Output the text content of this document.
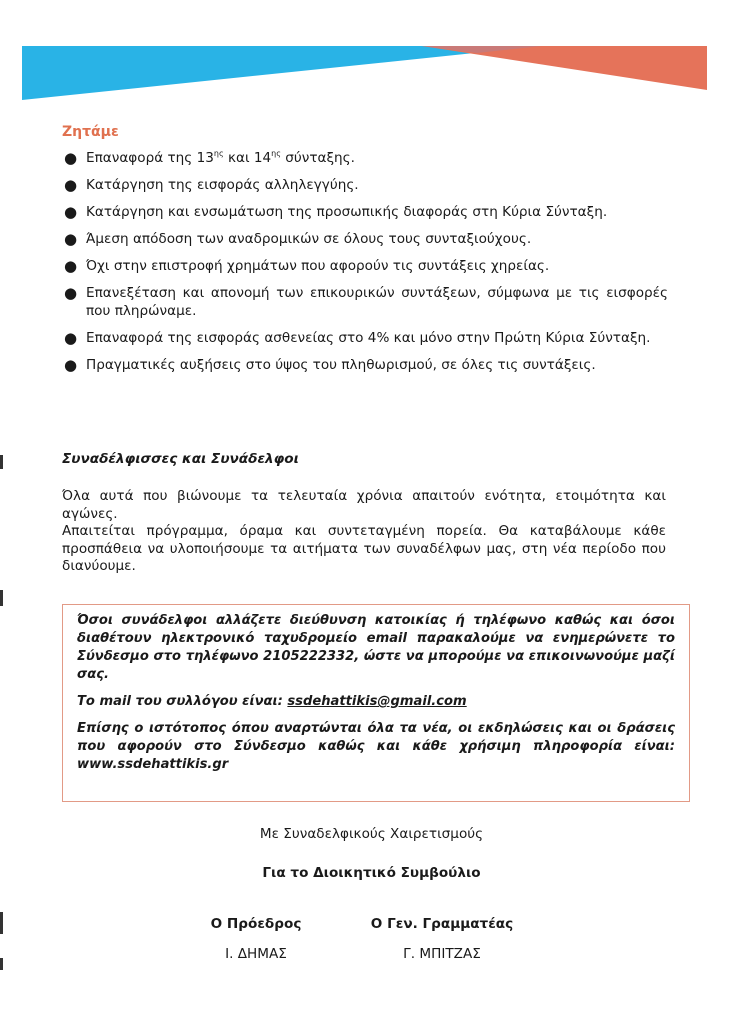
Ζητάμε
● Επαναφορά της $13^{\eta\varsigma}$ και $14^{\eta\varsigma}$ σύνταξης.
● Κατάργηση της εισφοράς αλληλεγγύης.
● Κατάργηση και ενσωμάτωση της προσωπικής διαφοράς στη Κύρια Σύνταξη.
● Άμεση απόδοση των αναδρομικών σε όλους τους συνταξιούχους.
● Όχι στην επιστροφή χρημάτων που αφορούν τις συντάξεις χηρείας.
● Επανεξέταση και απονομή των επικουρικών συντάξεων, σύμφωνα με τις εισφορές που πληρώναμε.
● Επαναφορά της εισφοράς ασθενείας στο 4% και μόνο στην Πρώτη Κύρια Σύνταξη.
● Πραγματικές αυξήσεις στο ύψος του πληθωρισμού, σε όλες τις συντάξεις.
Συναδέλφισσες και Συνάδελφοι

Όλα αυτά που βιώνουμε τα τελευταία χρόνια απαιτούν ενότητα, ετοιμότητα και αγώνες.

Απαιτείται πρόγραμμα, όραμα και συντεταγμένη πορεία. Θα καταβάλουμε κάθε προσπάθεια να υλοποιήσουμε τα αιτήματα των συναδέλφων μας, στη νέα περίοδο που διανύουμε.

Όσοι συνάδελφοι αλλάζετε διεύθυνση κατοικίας ή τηλέφωνο καθώς και όσοι διαθέτουν ηλεκτρονικό ταχυδρομείο email παρακαλούμε να ενημερώνετε το Σύνδεσμο στο τηλέφωνο 2105222332, ώστε να μπορούμε να επικοινωνούμε μαζί σας.

Το mail του συλλόγου είναι: ssdehattikis@gmail.com

Επίσης ο ιστότοπος όπου αναρτώνται όλα τα νέα, οι εκδηλώσεις και οι δράσεις που αφορούν στο Σύνδεσμο καθώς και κάθε χρήσιμη πληροφορία είναι: www.ssdehattikis.gr

Με Συναδελφικούς Χαιρετισμούς

Για το Διοικητικό Συμβούλιο

Ο Πρόεδρος

Ι. ΔΗΜΑΣ

Ο Γεν. Γραμματέας

Γ. ΜΠΙΤΖΑΣ
